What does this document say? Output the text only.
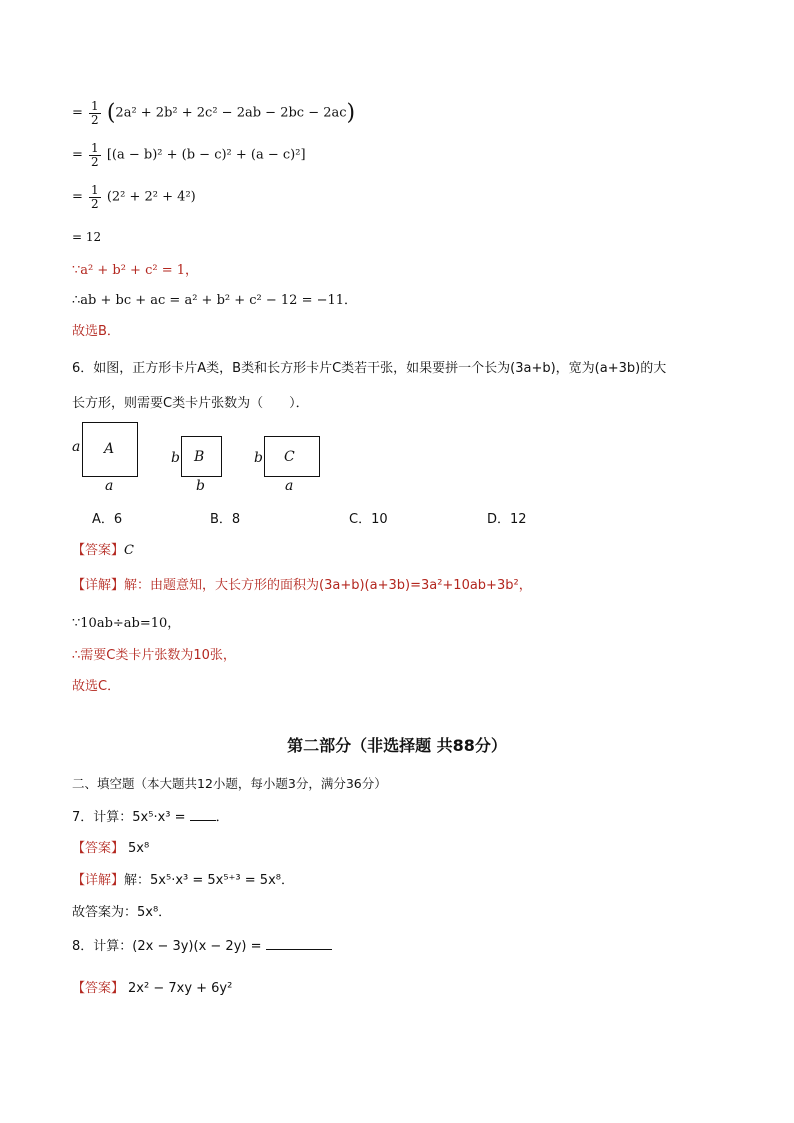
= $\frac{1}{2} (2a^2 + 2b^2 + 2c^2 - 2ab - 2bc - 2ac)$
= $\frac{1}{2} [(a - b)^2 + (b - c)^2 + (a - c)^2]$
= $\frac{1}{2} (2^2 + 2^2 + 4^2)$
= 12
∵a² + b² + c² = 1，
∴ab + bc + ac = a² + b² + c² − 12 = −11．
故选B．
6．如图，正方形卡片A类，B类和长方形卡片C类若干张，如果要拼一个长为(3a+b)，宽为(a+3b)的大
长方形，则需要C类卡片张数为（　　）．
a A
a
b B
b
b C
a
A．6	B．8	C．10	D．12
【答案】C
【详解】解：由题意知，大长方形的面积为(3a+b)(a+3b)=3a²+10ab+3b²，
∵10ab÷ab=10，
∴需要C类卡片张数为10张，
故选C．
第二部分（非选择题 共88分）
二、填空题（本大题共12小题，每小题3分，满分36分）
7．计算：5x⁵·x³ = ．
【答案】 5x⁸
【详解】解：5x⁵·x³ = 5x⁵⁺³ = 5x⁸．
故答案为：5x⁸．
8．计算：(2x − 3y)(x − 2y) =
【答案】 2x² − 7xy + 6y²
